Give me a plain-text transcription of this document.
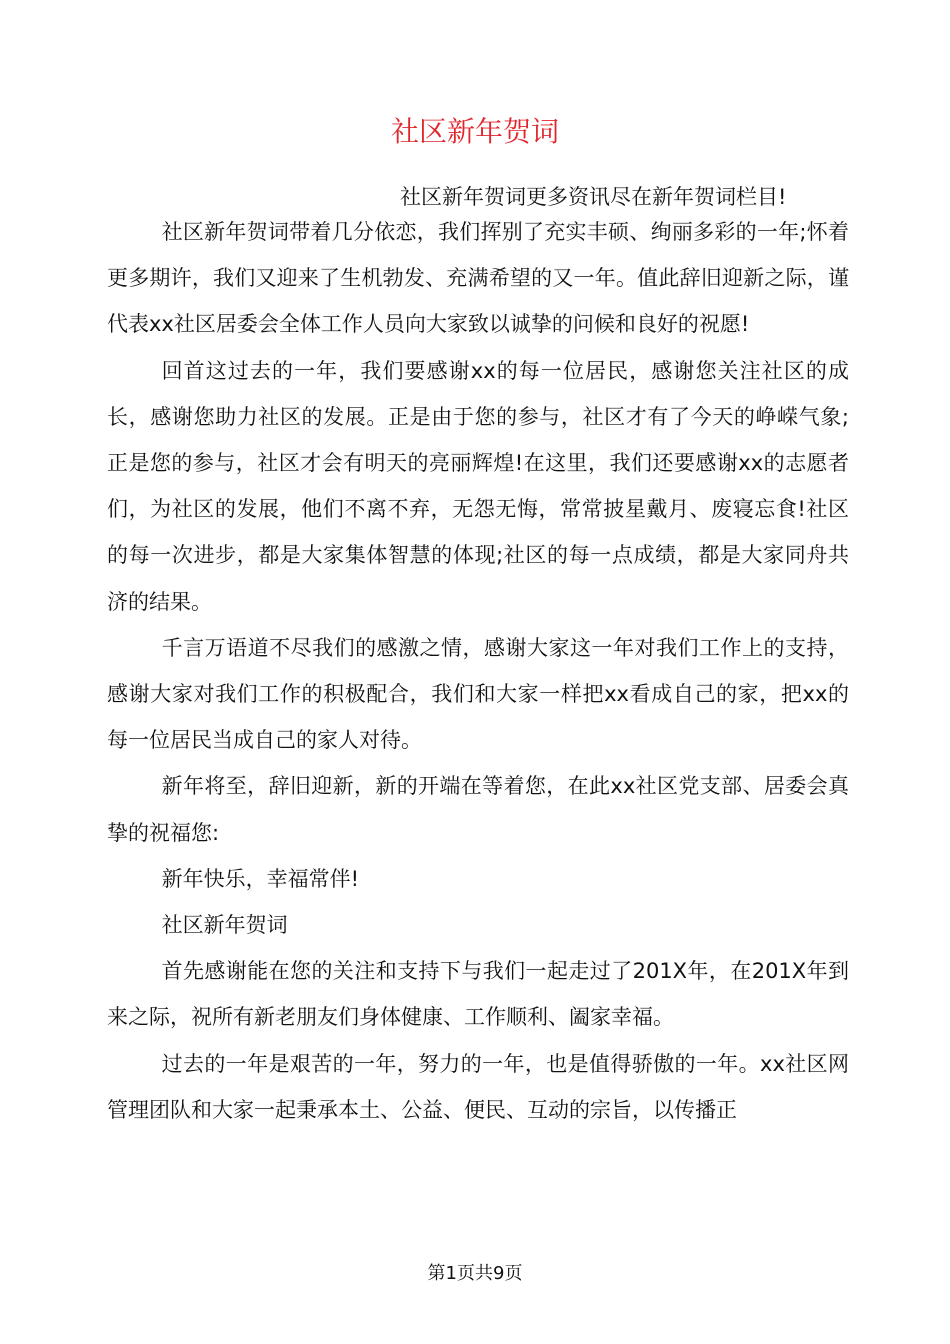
社区新年贺词
社区新年贺词更多资讯尽在新年贺词栏目!

社区新年贺词带着几分依恋，我们挥别了充实丰硕、绚丽多彩的一年;怀着更多期许，我们又迎来了生机勃发、充满希望的又一年。值此辞旧迎新之际，谨代表xx社区居委会全体工作人员向大家致以诚挚的问候和良好的祝愿!

回首这过去的一年，我们要感谢xx的每一位居民，感谢您关注社区的成长，感谢您助力社区的发展。正是由于您的参与，社区才有了今天的峥嵘气象;正是您的参与，社区才会有明天的亮丽辉煌!在这里，我们还要感谢xx的志愿者们，为社区的发展，他们不离不弃，无怨无悔，常常披星戴月、废寝忘食!社区的每一次进步，都是大家集体智慧的体现;社区的每一点成绩，都是大家同舟共济的结果。

千言万语道不尽我们的感激之情，感谢大家这一年对我们工作上的支持，感谢大家对我们工作的积极配合，我们和大家一样把xx看成自己的家，把xx的每一位居民当成自己的家人对待。

新年将至，辞旧迎新，新的开端在等着您，在此xx社区党支部、居委会真挚的祝福您:

新年快乐，幸福常伴!

社区新年贺词

首先感谢能在您的关注和支持下与我们一起走过了201X年，在201X年到来之际，祝所有新老朋友们身体健康、工作顺利、阖家幸福。

过去的一年是艰苦的一年，努力的一年，也是值得骄傲的一年。xx社区网管理团队和大家一起秉承本土、公益、便民、互动的宗旨，以传播正

第1页共9页
